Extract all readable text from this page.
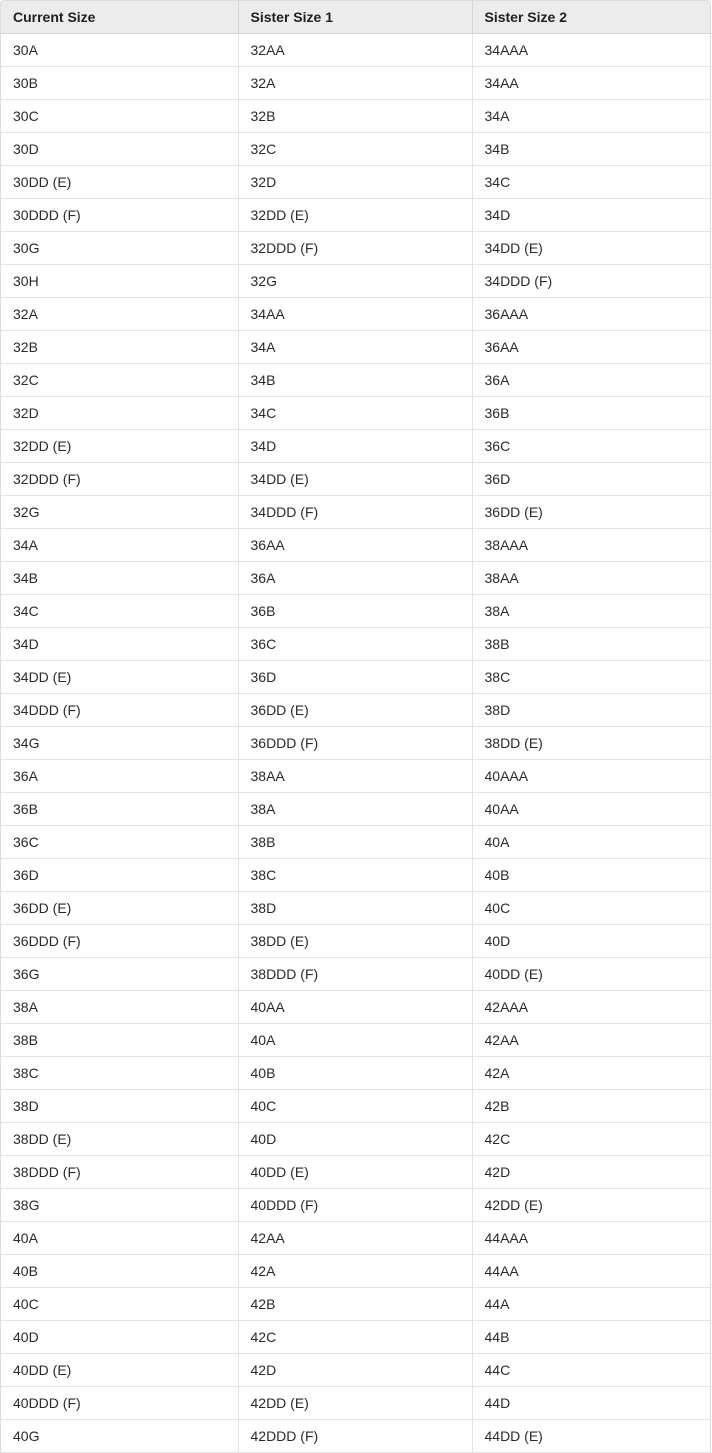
Current Size	Sister Size 1	Sister Size 2
30A	32AA	34AAA
30B	32A	34AA
30C	32B	34A
30D	32C	34B
30DD (E)	32D	34C
30DDD (F)	32DD (E)	34D
30G	32DDD (F)	34DD (E)
30H	32G	34DDD (F)
32A	34AA	36AAA
32B	34A	36AA
32C	34B	36A
32D	34C	36B
32DD (E)	34D	36C
32DDD (F)	34DD (E)	36D
32G	34DDD (F)	36DD (E)
34A	36AA	38AAA
34B	36A	38AA
34C	36B	38A
34D	36C	38B
34DD (E)	36D	38C
34DDD (F)	36DD (E)	38D
34G	36DDD (F)	38DD (E)
36A	38AA	40AAA
36B	38A	40AA
36C	38B	40A
36D	38C	40B
36DD (E)	38D	40C
36DDD (F)	38DD (E)	40D
36G	38DDD (F)	40DD (E)
38A	40AA	42AAA
38B	40A	42AA
38C	40B	42A
38D	40C	42B
38DD (E)	40D	42C
38DDD (F)	40DD (E)	42D
38G	40DDD (F)	42DD (E)
40A	42AA	44AAA
40B	42A	44AA
40C	42B	44A
40D	42C	44B
40DD (E)	42D	44C
40DDD (F)	42DD (E)	44D
40G	42DDD (F)	44DD (E)
